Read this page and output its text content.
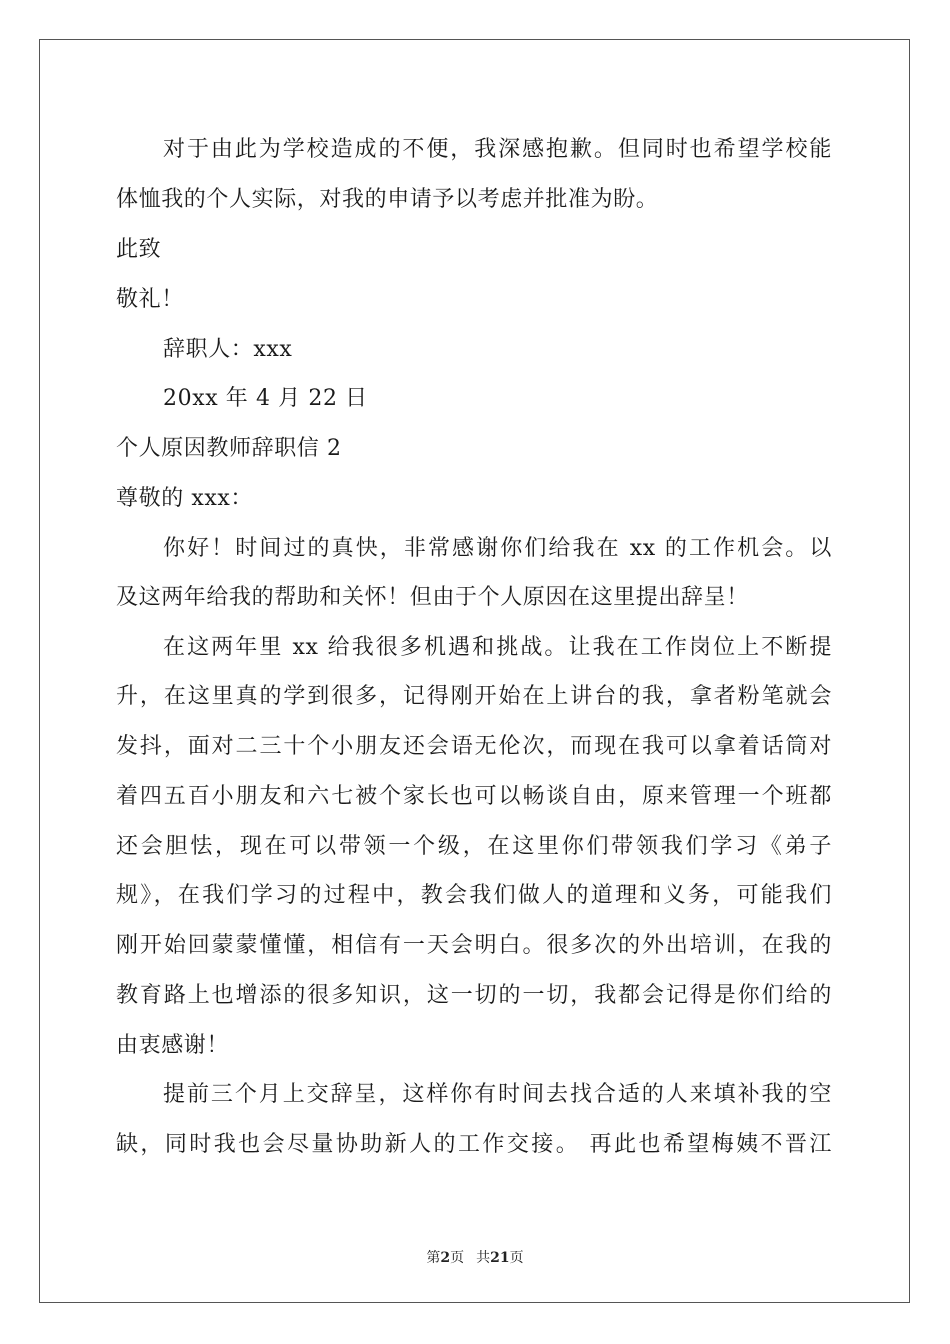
对于由此为学校造成的不便，我深感抱歉。但同时也希望学校能
体恤我的个人实际，对我的申请予以考虑并批准为盼。
此致
敬礼！
辞职人：xxx
20xx 年 4 月 22 日
个人原因教师辞职信 2
尊敬的 xxx：
你好！时间过的真快，非常感谢你们给我在 xx 的工作机会。以
及这两年给我的帮助和关怀！但由于个人原因在这里提出辞呈！
在这两年里 xx 给我很多机遇和挑战。让我在工作岗位上不断提
升，在这里真的学到很多，记得刚开始在上讲台的我，拿者粉笔就会
发抖，面对二三十个小朋友还会语无伦次，而现在我可以拿着话筒对
着四五百小朋友和六七被个家长也可以畅谈自由，原来管理一个班都
还会胆怯，现在可以带领一个级，在这里你们带领我们学习《弟子
规》，在我们学习的过程中，教会我们做人的道理和义务，可能我们
刚开始回蒙蒙懂懂，相信有一天会明白。很多次的外出培训，在我的
教育路上也增添的很多知识，这一切的一切，我都会记得是你们给的
由衷感谢！
提前三个月上交辞呈，这样你有时间去找合适的人来填补我的空
缺，同时我也会尽量协助新人的工作交接。 再此也希望梅姨不晋江
第2页 共21页
